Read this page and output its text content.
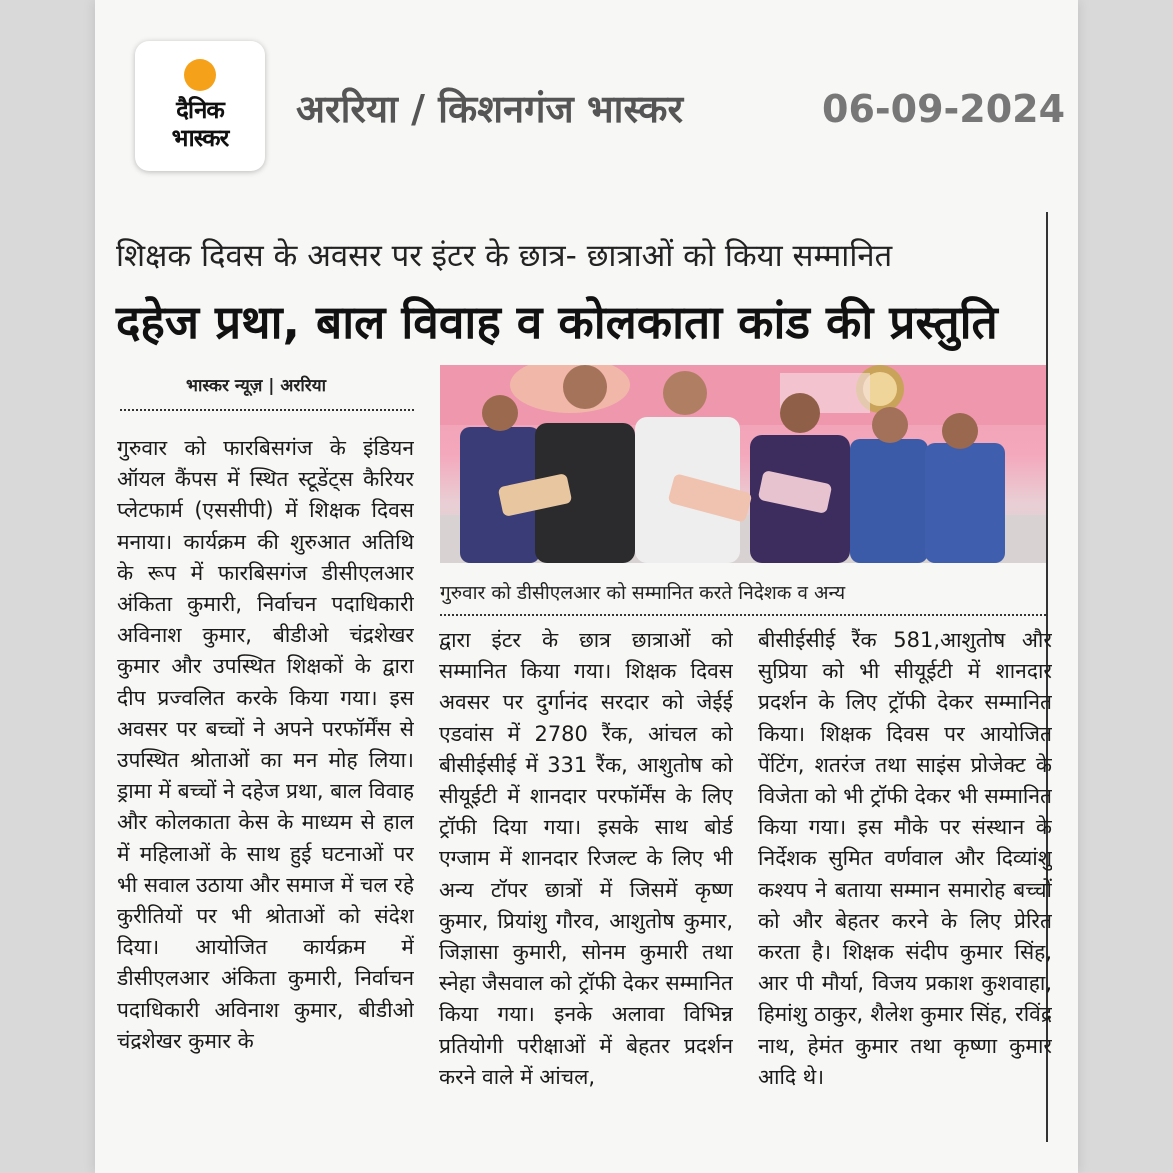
दैनिक
भास्कर
अररिया / किशनगंज भास्कर	06-09-2024
शिक्षक दिवस के अवसर पर इंटर के छात्र- छात्राओं को किया सम्मानित
दहेज प्रथा, बाल विवाह व कोलकाता कांड की प्रस्तुति
भास्कर न्यूज़ | अररिया
गुरुवार को डीसीएलआर को सम्मानित करते निदेशक व अन्य
गुरुवार को फारबिसगंज के इंडियन ऑयल कैंपस में स्थित स्टूडेंट्स कैरियर प्लेटफार्म (एससीपी) में शिक्षक दिवस मनाया। कार्यक्रम की शुरुआत अतिथि के रूप में फारबिसगंज डीसीएलआर अंकिता कुमारी, निर्वाचन पदाधिकारी अविनाश कुमार, बीडीओ चंद्रशेखर कुमार और उपस्थित शिक्षकों के द्वारा दीप प्रज्वलित करके किया गया। इस अवसर पर बच्चों ने अपने परफॉर्मेंस से उपस्थित श्रोताओं का मन मोह लिया। ड्रामा में बच्चों ने दहेज प्रथा, बाल विवाह और कोलकाता केस के माध्यम से हाल में महिलाओं के साथ हुई घटनाओं पर भी सवाल उठाया और समाज में चल रहे कुरीतियों पर भी श्रोताओं को संदेश दिया। आयोजित कार्यक्रम में डीसीएलआर अंकिता कुमारी, निर्वाचन पदाधिकारी अविनाश कुमार, बीडीओ चंद्रशेखर कुमार के
द्वारा इंटर के छात्र छात्राओं को सम्मानित किया गया। शिक्षक दिवस अवसर पर दुर्गानंद सरदार को जेईई एडवांस में 2780 रैंक, आंचल को बीसीईसीई में 331 रैंक, आशुतोष को सीयूईटी में शानदार परफॉर्मेंस के लिए ट्रॉफी दिया गया। इसके साथ बोर्ड एग्जाम में शानदार रिजल्ट के लिए भी अन्य टॉपर छात्रों में जिसमें कृष्ण कुमार, प्रियांशु गौरव, आशुतोष कुमार, जिज्ञासा कुमारी, सोनम कुमारी तथा स्नेहा जैसवाल को ट्रॉफी देकर सम्मानित किया गया। इनके अलावा विभिन्न प्रतियोगी परीक्षाओं में बेहतर प्रदर्शन करने वाले में आंचल,
बीसीईसीई रैंक 581,आशुतोष और सुप्रिया को भी सीयूईटी में शानदार प्रदर्शन के लिए ट्रॉफी देकर सम्मानित किया। शिक्षक दिवस पर आयोजित पेंटिंग, शतरंज तथा साइंस प्रोजेक्ट के विजेता को भी ट्रॉफी देकर भी सम्मानित किया गया। इस मौके पर संस्थान के निर्देशक सुमित वर्णवाल और दिव्यांशु कश्यप ने बताया सम्मान समारोह बच्चों को और बेहतर करने के लिए प्रेरित करता है। शिक्षक संदीप कुमार सिंह, आर पी मौर्या, विजय प्रकाश कुशवाहा, हिमांशु ठाकुर, शैलेश कुमार सिंह, रविंद्र नाथ, हेमंत कुमार तथा कृष्णा कुमार आदि थे।
